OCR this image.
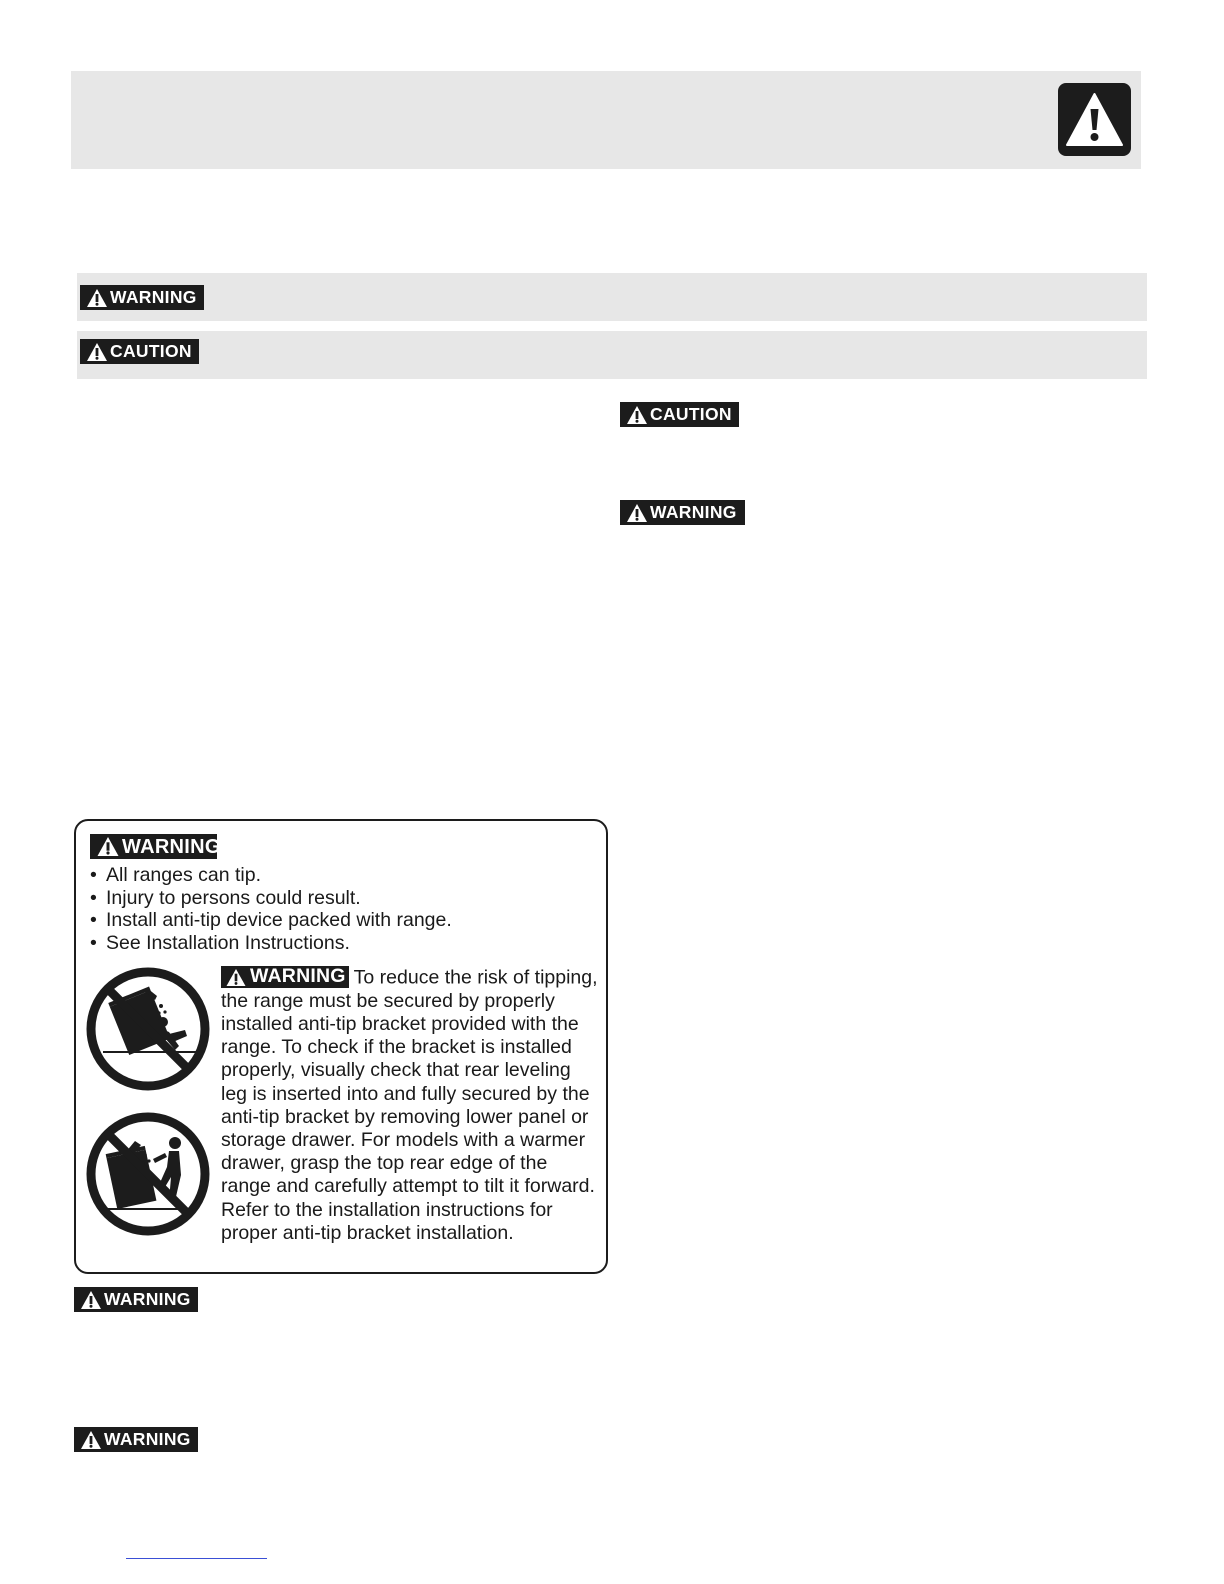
WARNING
CAUTION
CAUTION
WARNING
WARNING
• All ranges can tip.
• Injury to persons could result.
• Install anti-tip device packed with range.
• See Installation Instructions.
WARNING To reduce the risk of tipping, the range must be secured by properly installed anti-tip bracket provided with the range. To check if the bracket is installed properly, visually check that rear leveling leg is inserted into and fully secured by the anti-tip bracket by removing lower panel or storage drawer. For models with a warmer drawer, grasp the top rear edge of the range and carefully attempt to tilt it forward. Refer to the installation instructions for proper anti-tip bracket installation.
WARNING
WARNING
